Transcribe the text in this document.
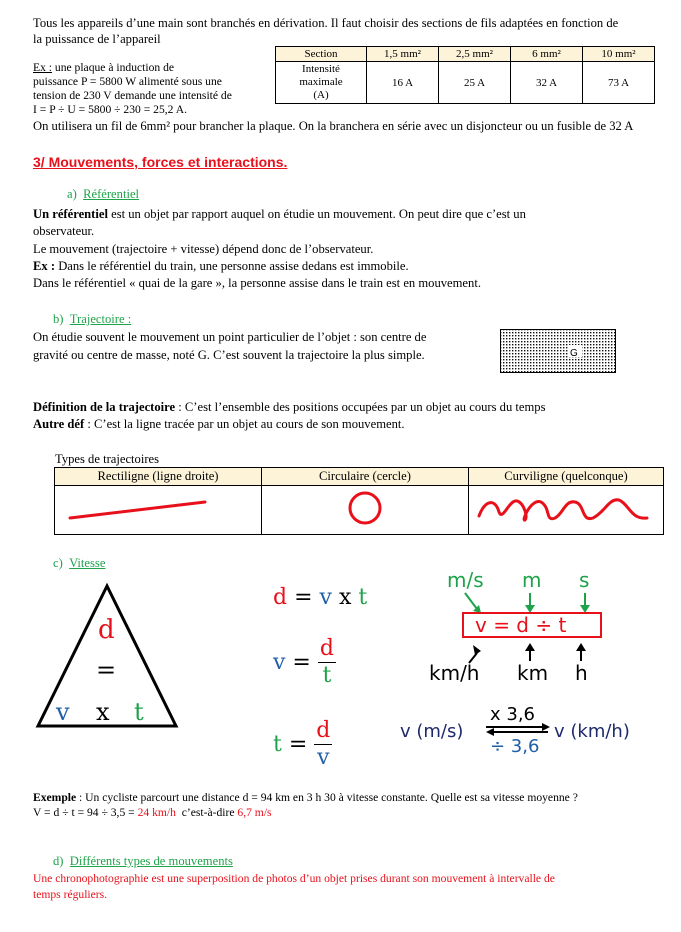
Tous les appareils d’une main sont branchés en dérivation. Il faut choisir des sections de fils adaptées en fonction de
la puissance de l’appareil
Ex : une plaque à induction de
puissance P = 5800 W alimenté sous une
tension de 230 V demande une intensité de
I = P ÷ U = 5800 ÷ 230 = 25,2 A.
On utilisera un fil de 6mm² pour brancher la plaque. On la branchera en série avec un disjoncteur ou un fusible de 32 A
Section	1,5 mm²	2,5 mm²	6 mm²	10 mm²

Intensité
maximale
(A)	16 A	25 A	32 A	73 A
3/ Mouvements, forces et interactions.
a) Référentiel
Un référentiel est un objet par rapport auquel on étudie un mouvement. On peut dire que c’est un
observateur.
Le mouvement (trajectoire + vitesse) dépend donc de l’observateur.
Ex : Dans le référentiel du train, une personne assise dedans est immobile.
Dans le référentiel « quai de la gare », la personne assise dans le train est en mouvement.
b) Trajectoire :
On étudie souvent le mouvement un point particulier de l’objet : son centre de
gravité ou centre de masse, noté G. C’est souvent la trajectoire la plus simple.	G
Définition de la trajectoire : C’est l’ensemble des positions occupées par un objet au cours du temps
Autre déf : C’est la ligne tracée par un objet au cours de son mouvement.
Types de trajectoires
Rectiligne (ligne droite)	Circulaire (cercle)	Curviligne (quelconque)

c) Vitesse
d
=
v x t
d = v x t
$v = \frac{d}{t}$
$t = \frac{d}{v}$
m/s m s
v = d ÷ t
km/h km h
v (m/s)
x 3,6
÷ 3,6
v (km/h)
Exemple : Un cycliste parcourt une distance d = 94 km en 3 h 30 à vitesse constante. Quelle est sa vitesse moyenne ?
V = d ÷ t = 94 ÷ 3,5 = 24 km/h  c’est-à-dire 6,7 m/s
d) Différents types de mouvements
Une chronophotographie est une superposition de photos d’un objet prises durant son mouvement à intervalle de
temps réguliers.
